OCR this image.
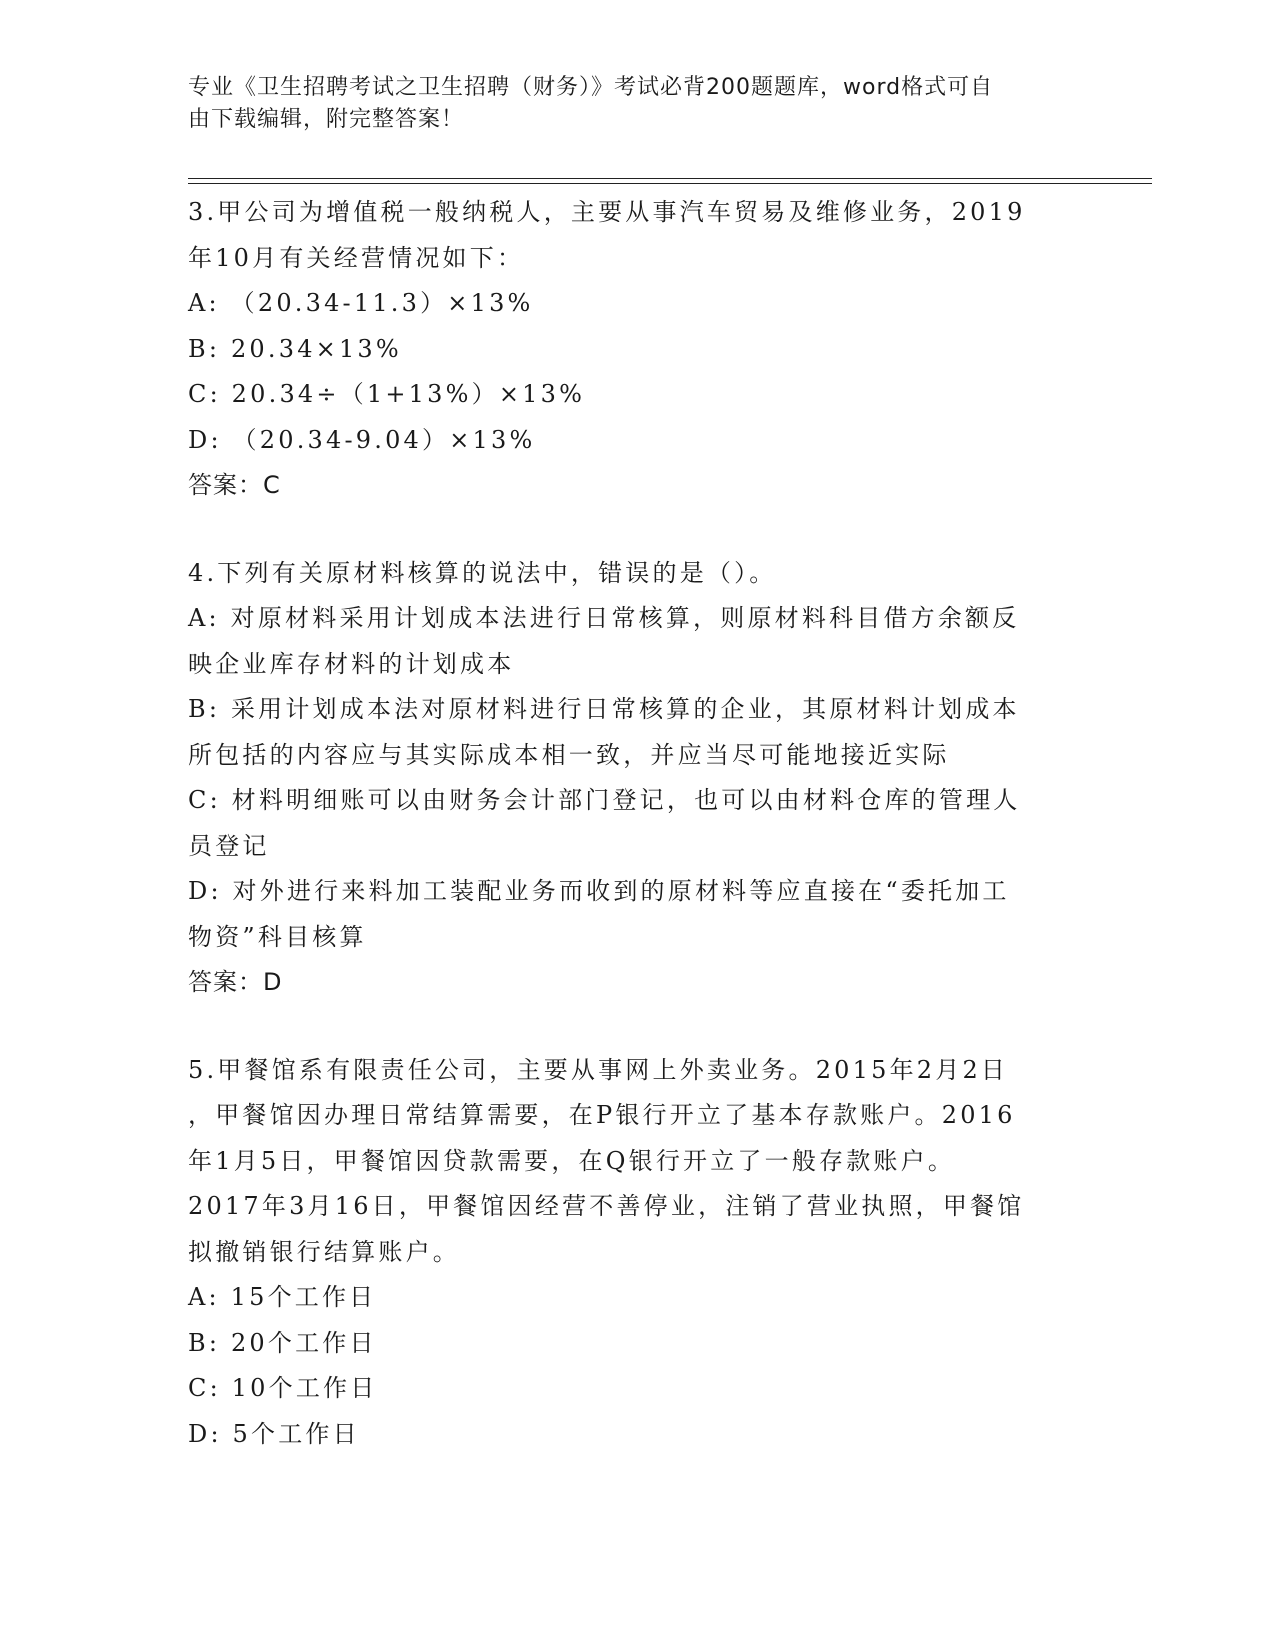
专业《卫生招聘考试之卫生招聘（财务）》考试必背200题题库，word格式可自
由下载编辑，附完整答案！
3.甲公司为增值税一般纳税人，主要从事汽车贸易及维修业务，2019
年10月有关经营情况如下：
A: （20.34-11.3）×13%
B: 20.34×13%
C: 20.34÷（1+13%）×13%
D: （20.34-9.04）×13%
答案：C
4.下列有关原材料核算的说法中，错误的是（）。
A: 对原材料采用计划成本法进行日常核算，则原材料科目借方余额反
映企业库存材料的计划成本
B: 采用计划成本法对原材料进行日常核算的企业，其原材料计划成本
所包括的内容应与其实际成本相一致，并应当尽可能地接近实际
C: 材料明细账可以由财务会计部门登记，也可以由材料仓库的管理人
员登记
D: 对外进行来料加工装配业务而收到的原材料等应直接在“委托加工
物资”科目核算
答案：D
5.甲餐馆系有限责任公司，主要从事网上外卖业务。2015年2月2日
，甲餐馆因办理日常结算需要，在P银行开立了基本存款账户。2016
年1月5日，甲餐馆因贷款需要，在Q银行开立了一般存款账户。
2017年3月16日，甲餐馆因经营不善停业，注销了营业执照，甲餐馆
拟撤销银行结算账户。
A: 15个工作日
B: 20个工作日
C: 10个工作日
D: 5个工作日
